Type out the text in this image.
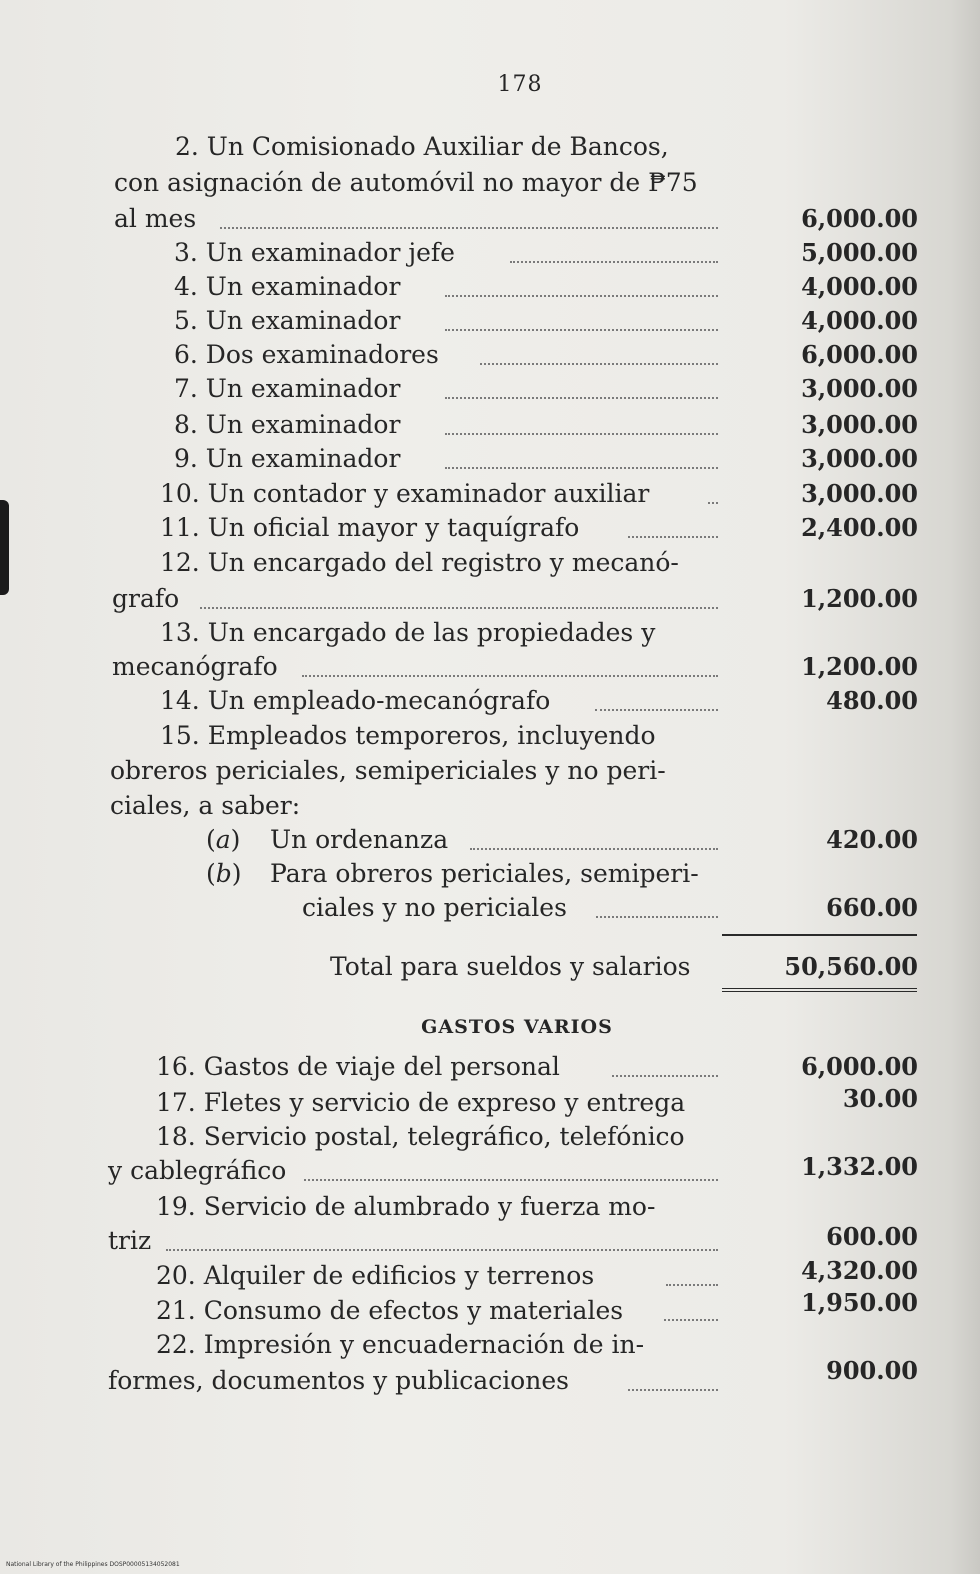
178
2. Un Comisionado Auxiliar de Bancos,
con asignación de automóvil no mayor de ₱75
al mes	6,000.00
3. Un examinador jefe	5,000.00
4. Un examinador	4,000.00
5. Un examinador	4,000.00
6. Dos examinadores	6,000.00
7. Un examinador	3,000.00
8. Un examinador	3,000.00
9. Un examinador	3,000.00
10. Un contador y examinador auxiliar	3,000.00
11. Un oficial mayor y taquígrafo	2,400.00
12. Un encargado del registro y mecanó-
grafo	1,200.00
13. Un encargado de las propiedades y
mecanógrafo	1,200.00
14. Un empleado-mecanógrafo	480.00
15. Empleados temporeros, incluyendo
obreros periciales, semipericiales y no peri-
ciales, a saber:
(a) Un ordenanza	420.00
(b) Para obreros periciales, semiperi-
ciales y no periciales	660.00
Total para sueldos y salarios	50,560.00
GASTOS VARIOS
16. Gastos de viaje del personal	6,000.00
17. Fletes y servicio de expreso y entrega	30.00
18. Servicio postal, telegráfico, telefónico
y cablegráfico	1,332.00
19. Servicio de alumbrado y fuerza mo-
triz	600.00
20. Alquiler de edificios y terrenos	4,320.00
21. Consumo de efectos y materiales	1,950.00
22. Impresión y encuadernación de in-
formes, documentos y publicaciones	900.00
National Library of the Philippines DOSP00005134052081
